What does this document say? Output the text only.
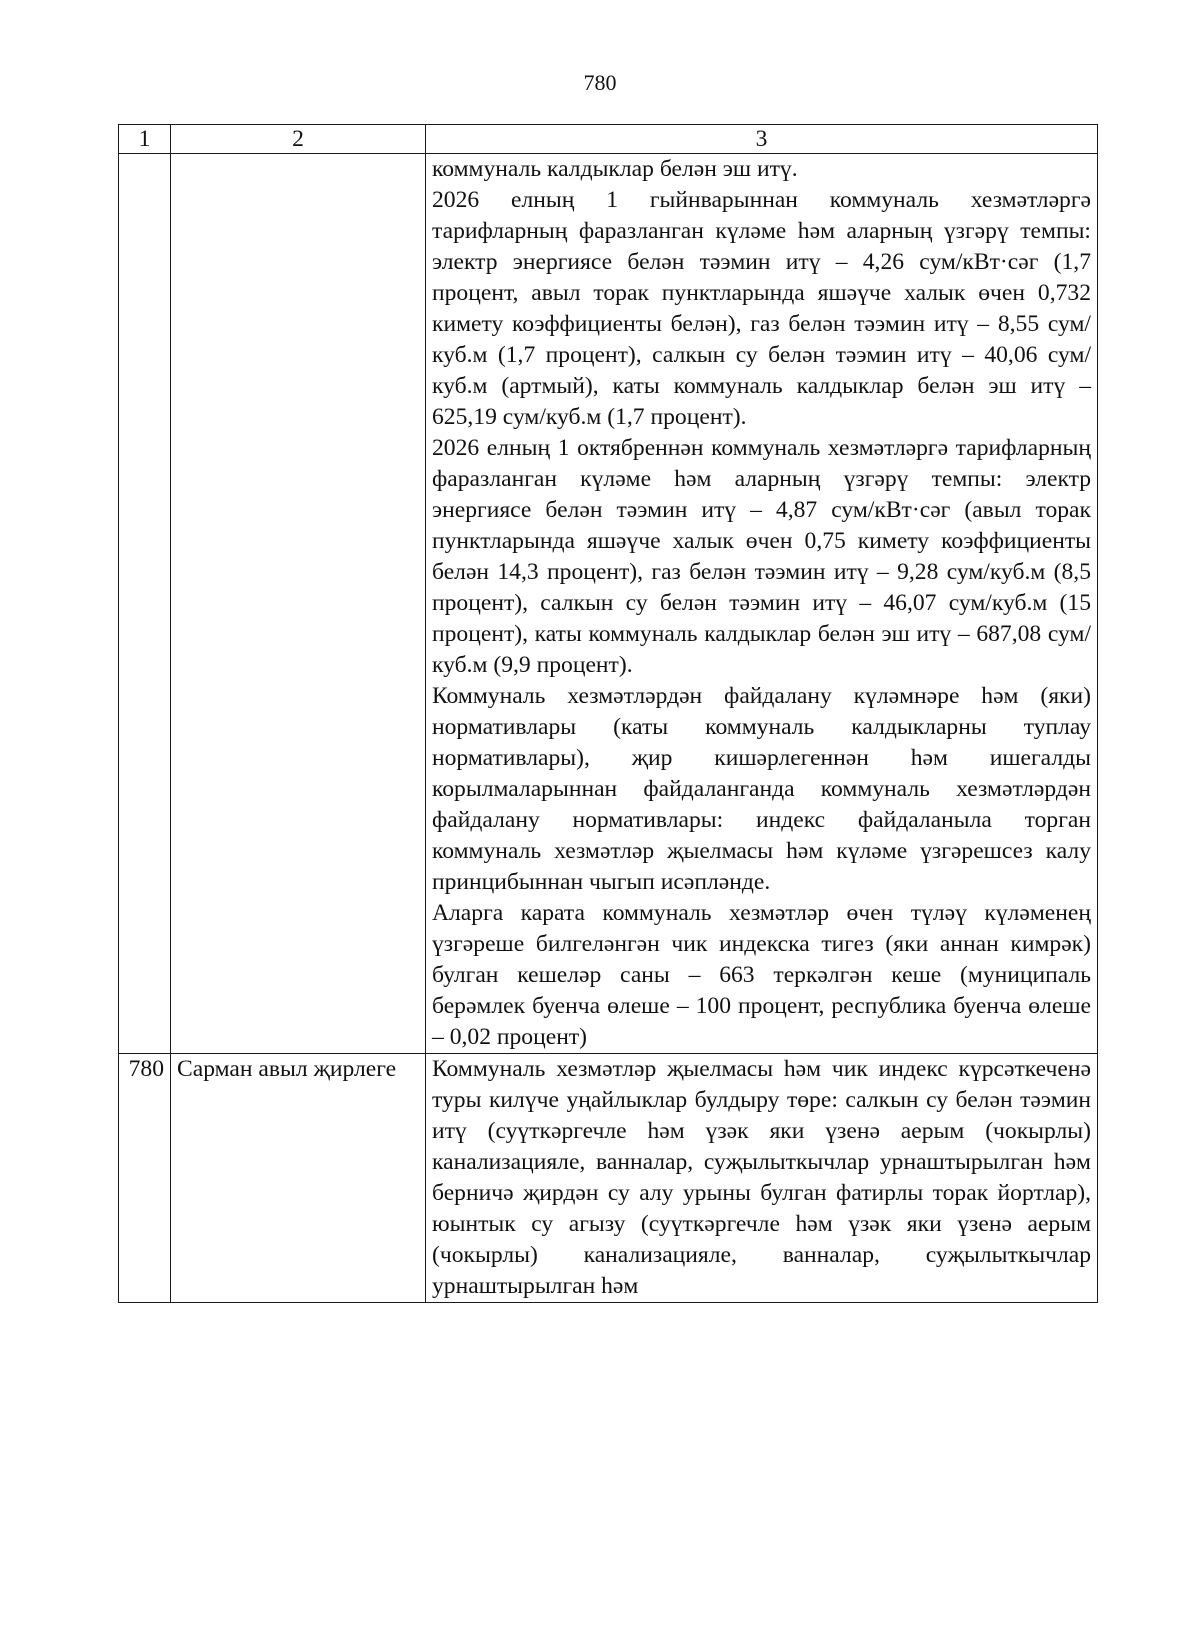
780
1	2	3

		коммуналь калдыклар белән эш итү.
2026 елның 1 гыйнварыннан коммуналь хезмәтләргә тарифларның фаразланган күләме һәм аларның үзгәрү темпы: электр энергиясе белән тәэмин итү – 4,26 сум/кВт·сәг (1,7 процент, авыл торак пунктларында яшәүче халык өчен 0,732 кимету коэффициенты белән), газ белән тәэмин итү – 8,55 сум/куб.м (1,7 процент), салкын су белән тәэмин итү – 40,06 сум/куб.м (артмый), каты коммуналь калдыклар белән эш итү – 625,19 сум/куб.м (1,7 процент).
2026 елның 1 октябреннән коммуналь хезмәтләргә тарифларның фаразланган күләме һәм аларның үзгәрү темпы: электр энергиясе белән тәэмин итү – 4,87 сум/кВт·сәг (авыл торак пунктларында яшәүче халык өчен 0,75 кимету коэффициенты белән 14,3 процент), газ белән тәэмин итү – 9,28 сум/куб.м (8,5 процент), салкын су белән тәэмин итү – 46,07 сум/куб.м (15 процент), каты коммуналь калдыклар белән эш итү – 687,08 сум/куб.м (9,9 процент).
Коммуналь хезмәтләрдән файдалану күләмнәре һәм (яки) нормативлары (каты коммуналь калдыкларны туплау нормативлары), җир кишәрлегеннән һәм ишегалды корылмаларыннан файдаланганда коммуналь хезмәтләрдән файдалану нормативлары: индекс файдаланыла торган коммуналь хезмәтләр җыелмасы һәм күләме үзгәрешсез калу принцибыннан чыгып исәпләнде.
Аларга карата коммуналь хезмәтләр өчен түләү күләменең үзгәреше билгеләнгән чик индекска тигез (яки аннан кимрәк) булган кешеләр саны – 663 теркәлгән кеше (муниципаль берәмлек буенча өлеше – 100 процент, республика буенча өлеше – 0,02 процент)

780	Сарман авыл җирлеге	Коммуналь хезмәтләр җыелмасы һәм чик индекс күрсәткеченә туры килүче уңайлыклар булдыру төре: салкын су белән тәэмин итү (суүткәргечле һәм үзәк яки үзенә аерым (чокырлы) канализацияле, ванналар, суҗылыткычлар урнаштырылган һәм берничә җирдән су алу урыны булган фатирлы торак йортлар), юынтык су агызу (суүткәргечле һәм үзәк яки үзенә аерым (чокырлы) канализацияле, ванналар, суҗылыткычлар урнаштырылган һәм
